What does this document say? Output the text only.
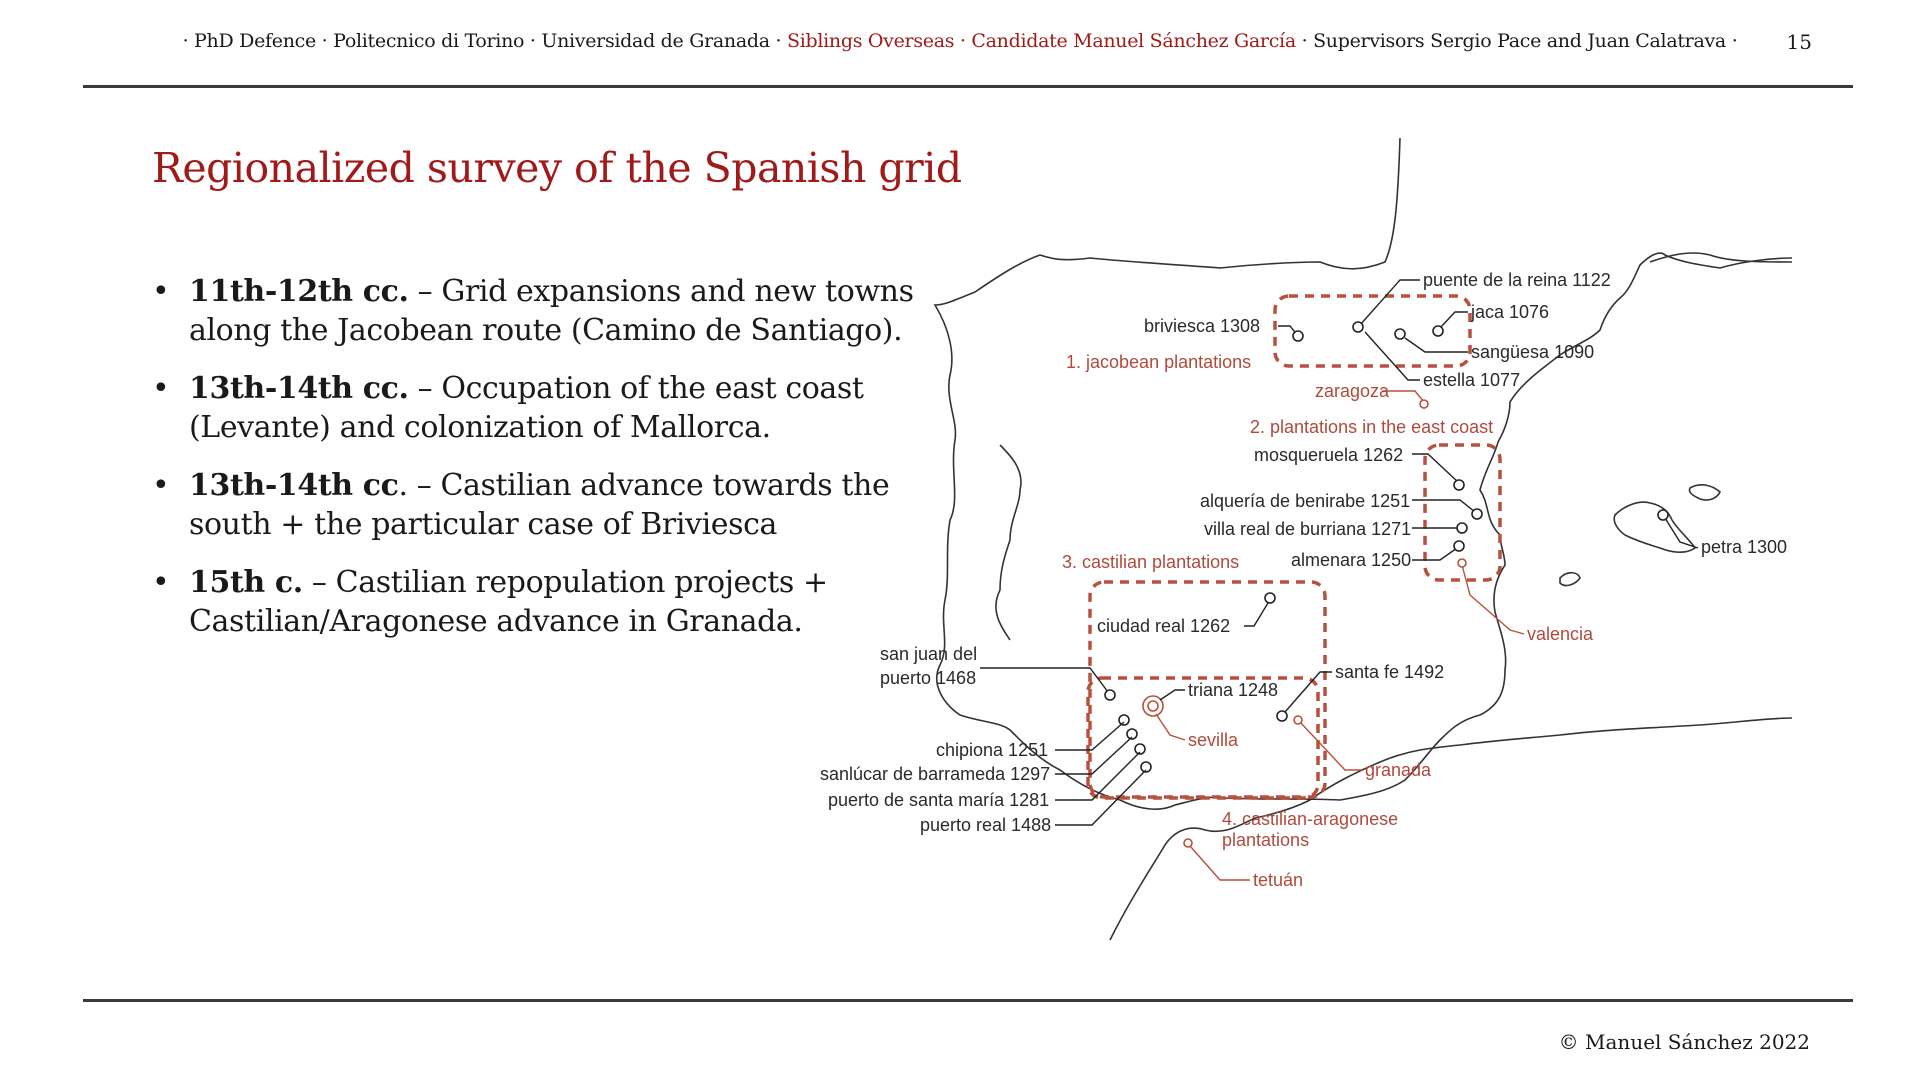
· PhD Defence · Politecnico di Torino · Universidad de Granada · Siblings Overseas · Candidate Manuel Sánchez García · Supervisors Sergio Pace and Juan Calatrava ·	15
Regionalized survey of the Spanish grid
• 11th-12th cc. – Grid expansions and new towns along the Jacobean route (Camino de Santiago).
• 13th-14th cc. – Occupation of the east coast (Levante) and colonization of Mallorca.
• 13th-14th cc. – Castilian advance towards the south + the particular case of Briviesca
• 15th c. – Castilian repopulation projects + Castilian/Aragonese advance in Granada.
1. jacobean plantations
2. plantations in the east coast
3. castilian plantations
4. castilian-aragonese
plantations
briviesca 1308
puente de la reina 1122
jaca 1076
sangüesa 1090
estella 1077
zaragoza
mosqueruela 1262
alquería de benirabe 1251
villa real de burriana 1271
almenara 1250
valencia
petra 1300
ciudad real 1262
san juan del
puerto 1468
triana 1248
sevilla
santa fe 1492
granada
chipiona 1251
sanlúcar de barrameda 1297
puerto de santa maría 1281
puerto real 1488
tetuán
© Manuel Sánchez 2022
